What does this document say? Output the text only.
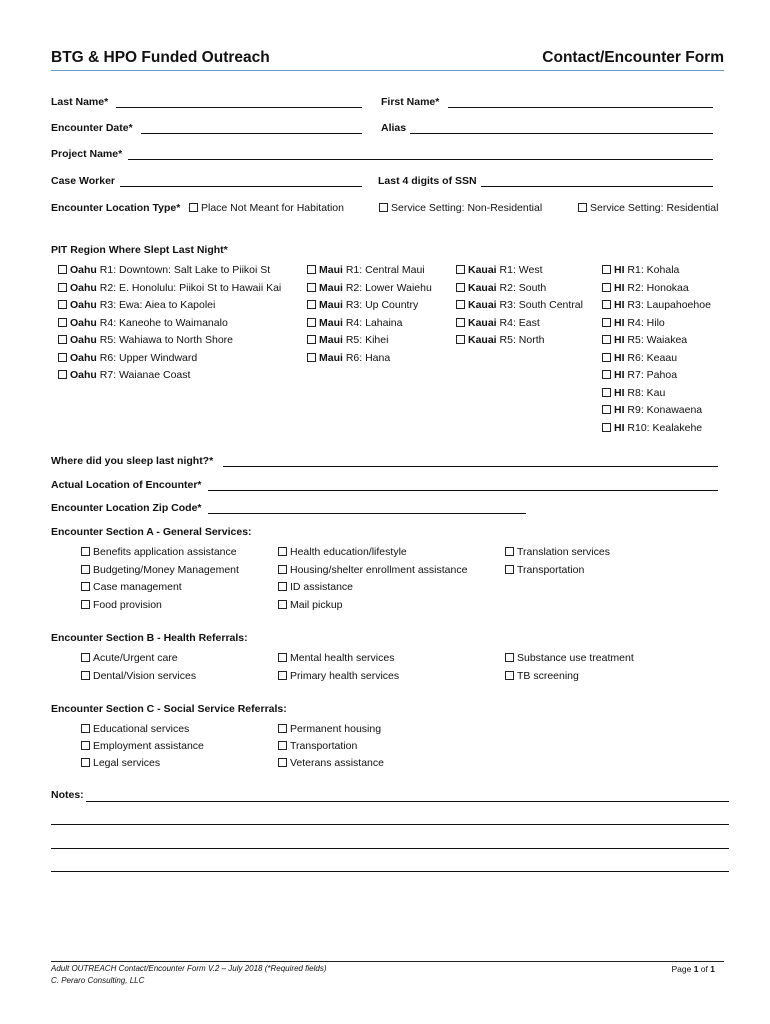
BTG & HPO Funded Outreach	Contact/Encounter Form
Last Name*	First Name*
Encounter Date*	Alias
Project Name*
Case Worker	Last 4 digits of SSN
Encounter Location Type*	Place Not Meant for Habitation	Service Setting: Non-Residential	Service Setting: Residential
PIT Region Where Slept Last Night*
Oahu R1: Downtown: Salt Lake to Piikoi St
Oahu R2: E. Honolulu: Piikoi St to Hawaii Kai
Oahu R3: Ewa: Aiea to Kapolei
Oahu R4: Kaneohe to Waimanalo
Oahu R5: Wahiawa to North Shore
Oahu R6: Upper Windward
Oahu R7: Waianae Coast
Maui R1: Central Maui
Maui R2: Lower Waiehu
Maui R3: Up Country
Maui R4: Lahaina
Maui R5: Kihei
Maui R6: Hana
Kauai R1: West
Kauai R2: South
Kauai R3: South Central
Kauai R4: East
Kauai R5: North
HI R1: Kohala
HI R2: Honokaa
HI R3: Laupahoehoe
HI R4: Hilo
HI R5: Waiakea
HI R6: Keaau
HI R7: Pahoa
HI R8: Kau
HI R9: Konawaena
HI R10: Kealakehe
Where did you sleep last night?*
Actual Location of Encounter*
Encounter Location Zip Code*
Encounter Section A - General Services:
Benefits application assistance
Budgeting/Money Management
Case management
Food provision
Health education/lifestyle
Housing/shelter enrollment assistance
ID assistance
Mail pickup
Translation services
Transportation
Encounter Section B - Health Referrals:
Acute/Urgent care
Dental/Vision services
Mental health services
Primary health services
Substance use treatment
TB screening
Encounter Section C - Social Service Referrals:
Educational services
Employment assistance
Legal services
Permanent housing
Transportation
Veterans assistance
Notes:
Adult OUTREACH Contact/Encounter Form V.2 – July 2018 (*Required fields)
C. Peraro Consulting, LLC
Page 1 of 1
